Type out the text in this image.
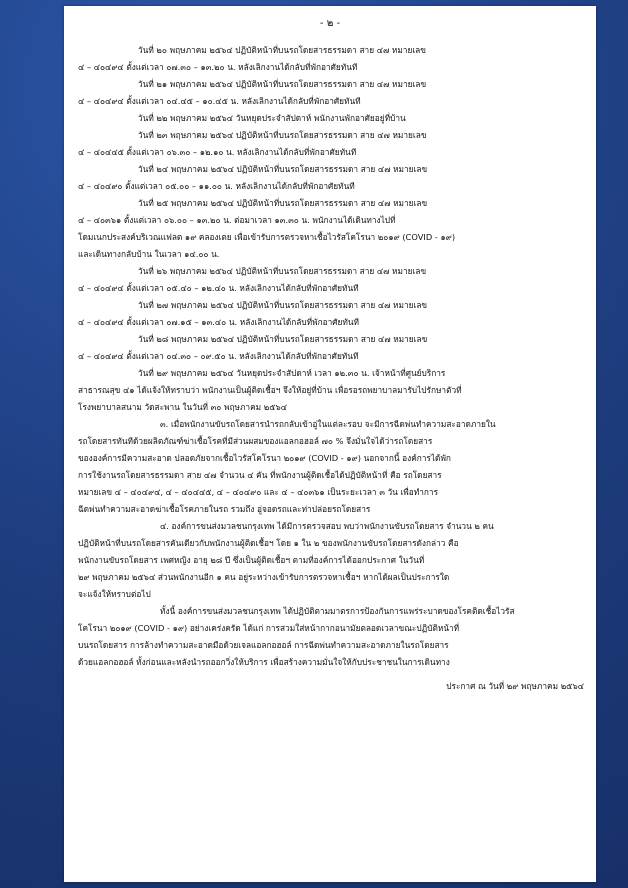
- ๒ -

วันที่ ๒๐ พฤษภาคม ๒๕๖๔ ปฏิบัติหน้าที่บนรถโดยสารธรรมดา สาย ๔๗ หมายเลข

๔ – ๔๐๔๙๔ ตั้งแต่เวลา ๐๗.๓๐ – ๑๓.๒๐ น. หลังเลิกงานได้กลับที่พักอาศัยทันที

วันที่ ๒๑ พฤษภาคม ๒๕๖๔ ปฏิบัติหน้าที่บนรถโดยสารธรรมดา สาย ๔๗ หมายเลข

๔ – ๔๐๔๙๔ ตั้งแต่เวลา ๐๔.๔๕ – ๑๐.๔๕ น. หลังเลิกงานได้กลับที่พักอาศัยทันที

วันที่ ๒๒ พฤษภาคม ๒๕๖๔ วันหยุดประจำสัปดาห์ พนักงานพักอาศัยอยู่ที่บ้าน

วันที่ ๒๓ พฤษภาคม ๒๕๖๔ ปฏิบัติหน้าที่บนรถโดยสารธรรมดา สาย ๔๗ หมายเลข

๔ – ๔๐๔๔๕ ตั้งแต่เวลา ๐๖.๓๐ – ๑๒.๑๐ น. หลังเลิกงานได้กลับที่พักอาศัยทันที

วันที่ ๒๔ พฤษภาคม ๒๕๖๔ ปฏิบัติหน้าที่บนรถโดยสารธรรมดา สาย ๔๗ หมายเลข

๔ – ๔๐๔๙๐ ตั้งแต่เวลา ๐๕.๐๐ – ๑๑.๐๐ น. หลังเลิกงานได้กลับที่พักอาศัยทันที

วันที่ ๒๕ พฤษภาคม ๒๕๖๔ ปฏิบัติหน้าที่บนรถโดยสารธรรมดา สาย ๔๗ หมายเลข

๔ – ๔๐๓๖๑ ตั้งแต่เวลา ๐๖.๐๐ – ๑๓.๒๐ น. ต่อมาเวลา ๑๓.๓๐ น. พนักงานได้เดินทางไปที่

โดมเนกประสงค์บริเวณแฟลต ๑๙ คลองเตย เพื่อเข้ารับการตรวจหาเชื้อไวรัสโคโรนา ๒๐๑๙ (COVID - ๑๙)

และเดินทางกลับบ้าน ในเวลา ๑๔.๐๐ น.

วันที่ ๒๖ พฤษภาคม ๒๕๖๔ ปฏิบัติหน้าที่บนรถโดยสารธรรมดา สาย ๔๗ หมายเลข

๔ – ๔๐๔๙๔ ตั้งแต่เวลา ๐๕.๔๐ – ๑๒.๔๐ น. หลังเลิกงานได้กลับที่พักอาศัยทันที

วันที่ ๒๗ พฤษภาคม ๒๕๖๔ ปฏิบัติหน้าที่บนรถโดยสารธรรมดา สาย ๔๗ หมายเลข

๔ – ๔๐๔๙๔ ตั้งแต่เวลา ๐๗.๑๕ – ๑๓.๔๐ น. หลังเลิกงานได้กลับที่พักอาศัยทันที

วันที่ ๒๘ พฤษภาคม ๒๕๖๔ ปฏิบัติหน้าที่บนรถโดยสารธรรมดา สาย ๔๗ หมายเลข

๔ – ๔๐๔๙๔ ตั้งแต่เวลา ๐๔.๓๐ – ๐๙.๕๐ น. หลังเลิกงานได้กลับที่พักอาศัยทันที

วันที่ ๒๙ พฤษภาคม ๒๕๖๔ วันหยุดประจำสัปดาห์ เวลา ๑๒.๓๐ น. เจ้าหน้าที่ศูนย์บริการ

สาธารณสุข ๔๑ ได้แจ้งให้ทราบว่า พนักงานเป็นผู้ติดเชื้อฯ จึงให้อยู่ที่บ้าน เพื่อรอรถพยาบาลมารับไปรักษาตัวที่

โรงพยาบาลสนาม วัดสะพาน ในวันที่ ๓๐ พฤษภาคม ๒๕๖๔

๓. เมื่อพนักงานขับรถโดยสารนำรถกลับเข้าอู่ในแต่ละรอบ จะมีการฉีดพ่นทำความสะอาดภายใน

รถโดยสารทันทีด้วยผลิตภัณฑ์ฆ่าเชื้อโรคที่มีส่วนผสมของแอลกอฮอล์ ๗๐ % จึงมั่นใจได้ว่ารถโดยสาร

ขององค์การมีความสะอาด ปลอดภัยจากเชื้อไวรัสโคโรนา ๒๐๑๙ (COVID - ๑๙) นอกจากนี้ องค์การได้พัก

การใช้งานรถโดยสารธรรมดา สาย ๔๗ จำนวน ๔ คัน ที่พนักงานผู้ติดเชื้อได้ปฏิบัติหน้าที่ คือ รถโดยสาร

หมายเลข ๔ – ๔๐๔๙๔, ๔ – ๔๐๔๔๕, ๔ – ๔๐๔๙๐ และ ๔ – ๔๐๓๖๑ เป็นระยะเวลา ๓ วัน เพื่อทำการ

ฉีดพ่นทำความสะอาดฆ่าเชื้อโรคภายในรถ รวมถึง อู่จอดรถและท่าปล่อยรถโดยสาร

๔. องค์การขนส่งมวลชนกรุงเทพ ได้มีการตรวจสอบ พบว่าพนักงานขับรถโดยสาร จำนวน ๒ คน

ปฏิบัติหน้าที่บนรถโดยสารคันเดียวกับพนักงานผู้ติดเชื้อฯ โดย ๑ ใน ๒ ของพนักงานขับรถโดยสารดังกล่าว คือ

พนักงานขับรถโดยสาร เพศหญิง อายุ ๒๘ ปี ซึ่งเป็นผู้ติดเชื้อฯ ตามที่องค์การได้ออกประกาศ ในวันที่

๒๙ พฤษภาคม ๒๕๖๔ ส่วนพนักงานอีก ๑ คน อยู่ระหว่างเข้ารับการตรวจหาเชื้อฯ หากได้ผลเป็นประการใด

จะแจ้งให้ทราบต่อไป

ทั้งนี้ องค์การขนส่งมวลชนกรุงเทพ ได้ปฏิบัติตามมาตรการป้องกันการแพร่ระบาดของโรคติดเชื้อไวรัส

โคโรนา ๒๐๑๙ (COVID - ๑๙) อย่างเคร่งครัด ได้แก่ การสวมใส่หน้ากากอนามัยตลอดเวลาขณะปฏิบัติหน้าที่

บนรถโดยสาร การล้างทำความสะอาดมือด้วยเจลแอลกอฮอล์ การฉีดพ่นทำความสะอาดภายในรถโดยสาร

ด้วยแอลกอฮอล์ ทั้งก่อนและหลังนำรถออกวิ่งให้บริการ เพื่อสร้างความมั่นใจให้กับประชาชนในการเดินทาง

ประกาศ ณ วันที่ ๒๙ พฤษภาคม ๒๕๖๔
